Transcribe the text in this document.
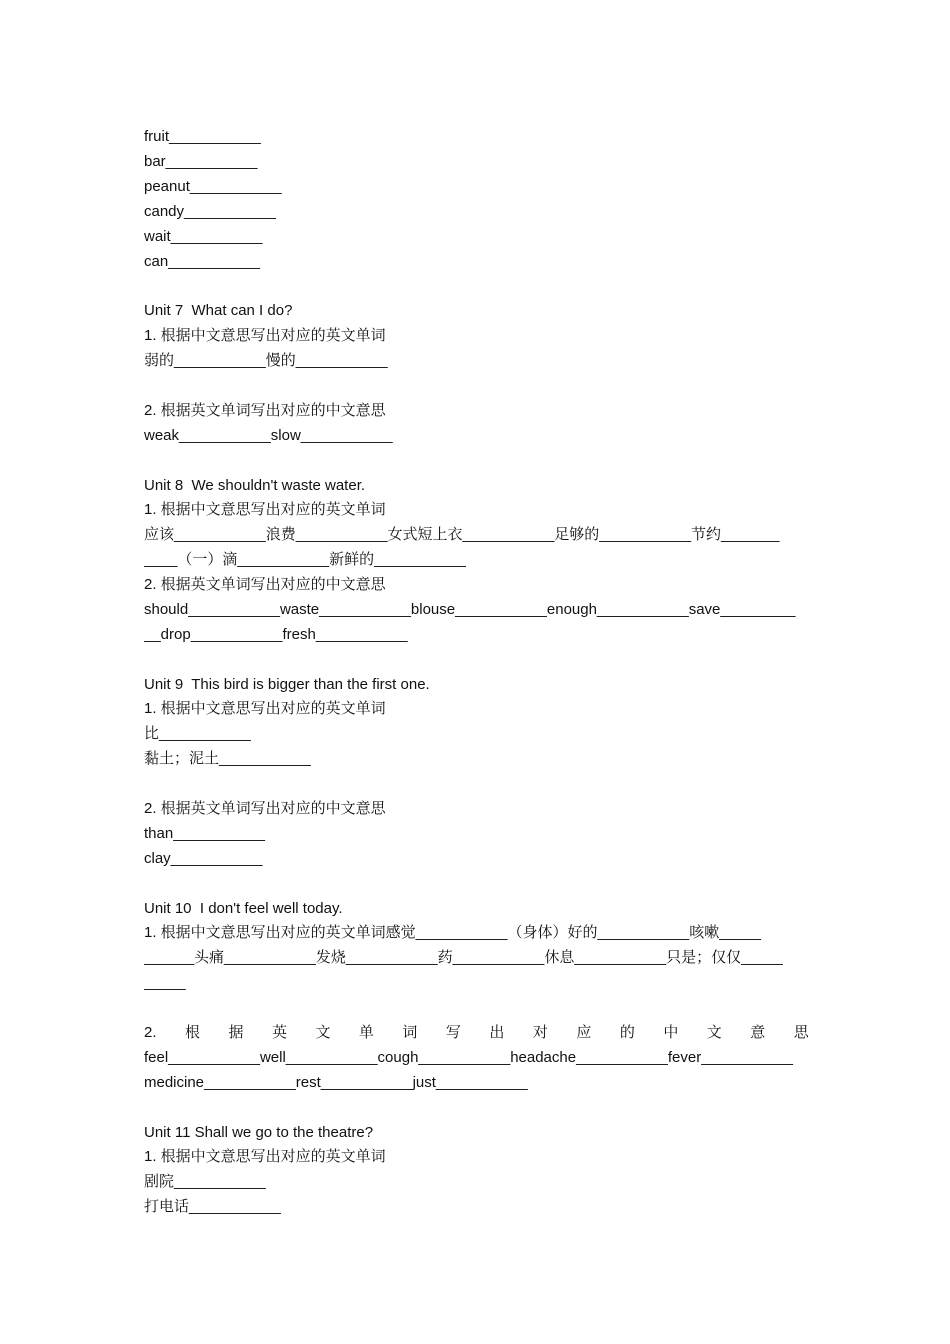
fruit___________
bar___________
peanut___________
candy___________
wait___________
can___________
Unit 7  What can I do?
1. 根据中文意思写出对应的英文单词
弱的___________慢的___________
2. 根据英文单词写出对应的中文意思
weak___________slow___________
Unit 8  We shouldn't waste water.
1. 根据中文意思写出对应的英文单词
应该___________浪费___________女式短上衣___________足够的___________节约_______
____（一）滴___________新鲜的___________
2. 根据英文单词写出对应的中文意思
should___________waste___________blouse___________enough___________save_________
__drop___________fresh___________
Unit 9  This bird is bigger than the first one.
1. 根据中文意思写出对应的英文单词
比___________
黏土；泥土___________
2. 根据英文单词写出对应的中文意思
than___________
clay___________
Unit 10  I don't feel well today.
1. 根据中文意思写出对应的英文单词感觉___________（身体）好的___________咳嗽_____
______头痛___________发烧___________药___________休息___________只是；仅仅_____
_____
2. 根 据 英 文 单 词 写 出 对 应 的 中 文 意 思
feel___________well___________cough___________headache___________fever___________
medicine___________rest___________just___________
Unit 11 Shall we go to the theatre?
1. 根据中文意思写出对应的英文单词
剧院___________
打电话___________
